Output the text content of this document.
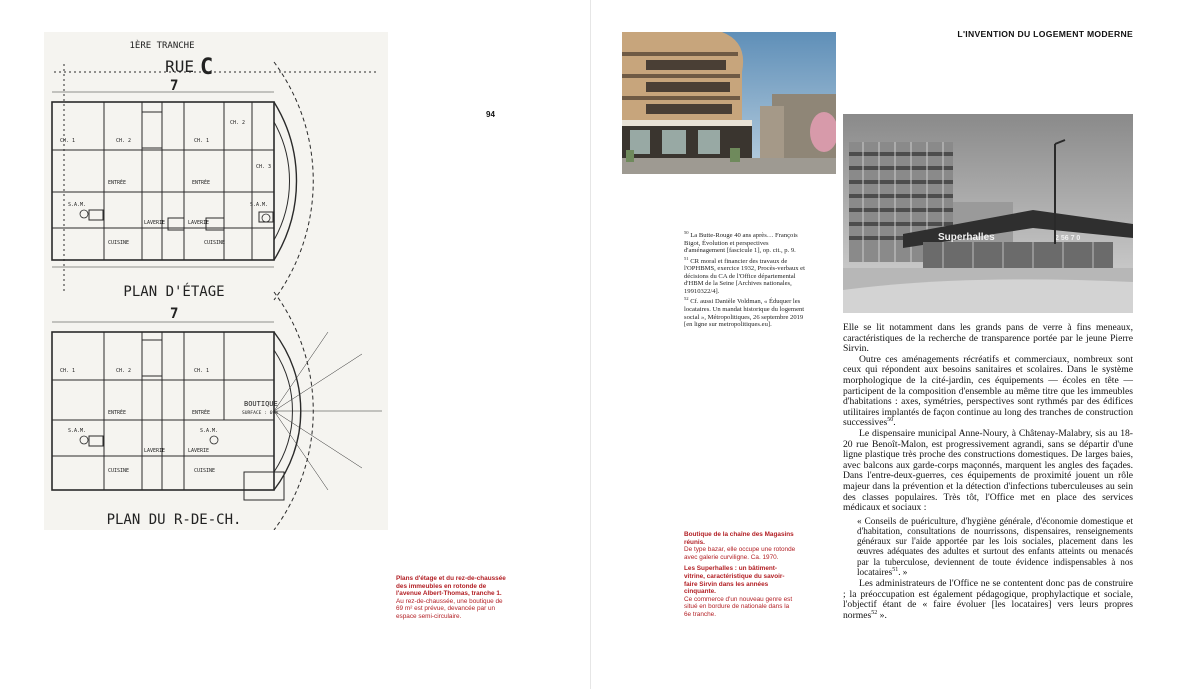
1ÈRE TRANCHE
RUE C
7
PLAN D'ÉTAGE
7
PLAN DU R-DE-CH.
CH. 1	CH. 2
CH. 2
CH. 1
CH. 3
ENTRÉE	ENTRÉE
S.A.M.	S.A.M.
CUISINE	CUISINE
LAVERIE	LAVERIE
CH. 1	CH. 2	CH. 1
ENTRÉE	ENTRÉE
BOUTIQUE
SURFACE : 69m
S.A.M.	S.A.M.
CUISINE	CUISINE
LAVERIE	LAVERIE
94
Plans d'étage et du rez-de-chaussée des immeubles en rotonde de l'avenue Albert-Thomas, tranche 1.
Au rez-de-chaussée, une boutique de 69 m² est prévue, devancée par un espace semi-circulaire.
L'INVENTION DU LOGEMENT MODERNE
Superhalles	2 56 7 0

$^{50}$ La Butte-Rouge 40 ans après… François Bigot, Évolution et perspectives d'aménagement [fascicule 1], op. cit., p. 9.

$^{51}$ CR moral et financier des travaux de l'OPHBMS, exercice 1932, Procès-verbaux et décisions du CA de l'Office départemental d'HBM de la Seine [Archives nationales, 19910322/4].

$^{52}$ Cf. aussi Danièle Voldman, « Éduquer les locataires. Un mandat historique du logement social », Métropolitiques, 26 septembre 2019 [en ligne sur metropolitiques.eu].

Boutique de la chaîne des Magasins réunis.
De type bazar, elle occupe une rotonde avec galerie curviligne. Ca. 1970.
Les Superhalles : un bâtiment-vitrine, caractéristique du savoir-faire Sirvin dans les années cinquante.
Ce commerce d'un nouveau genre est situé en bordure de nationale dans la 6e tranche.

Elle se lit notamment dans les grands pans de verre à fins meneaux, caractéristiques de la recherche de transparence portée par le jeune Pierre Sirvin.

Outre ces aménagements récréatifs et commerciaux, nombreux sont ceux qui répondent aux besoins sanitaires et scolaires. Dans le système morphologique de la cité-jardin, ces équipements — écoles en tête — participent de la composition d'ensemble au même titre que les immeubles d'habitations : axes, symétries, perspectives sont rythmés par des édifices utilitaires implantés de façon continue au long des tranches de construction successives$^{50}$.

Le dispensaire municipal Anne-Noury, à Châtenay-Malabry, sis au 18-20 rue Benoît-Malon, est progressivement agrandi, sans se départir d'une ligne plastique très proche des constructions domestiques. De larges baies, avec balcons aux garde-corps maçonnés, marquent les angles des façades. Dans l'entre-deux-guerres, ces équipements de proximité jouent un rôle majeur dans la prévention et la détection d'infections tuberculeuses au sein des classes populaires. Très tôt, l'Office met en place des services médicaux et sociaux :

« Conseils de puériculture, d'hygiène générale, d'économie domestique et d'habitation, consultations de nourrissons, dispensaires, renseignements généraux sur l'aide apportée par les lois sociales, placement dans les œuvres adéquates des adultes et surtout des enfants atteints ou menacés par la tuberculose, deviennent de toute évidence indispensables à nos locataires$^{51}$. »

Les administrateurs de l'Office ne se contentent donc pas de construire ; la préoccupation est également pédagogique, prophylactique et sociale, l'objectif étant de « faire évoluer [les locataires] vers leurs propres normes$^{52}$ ».
